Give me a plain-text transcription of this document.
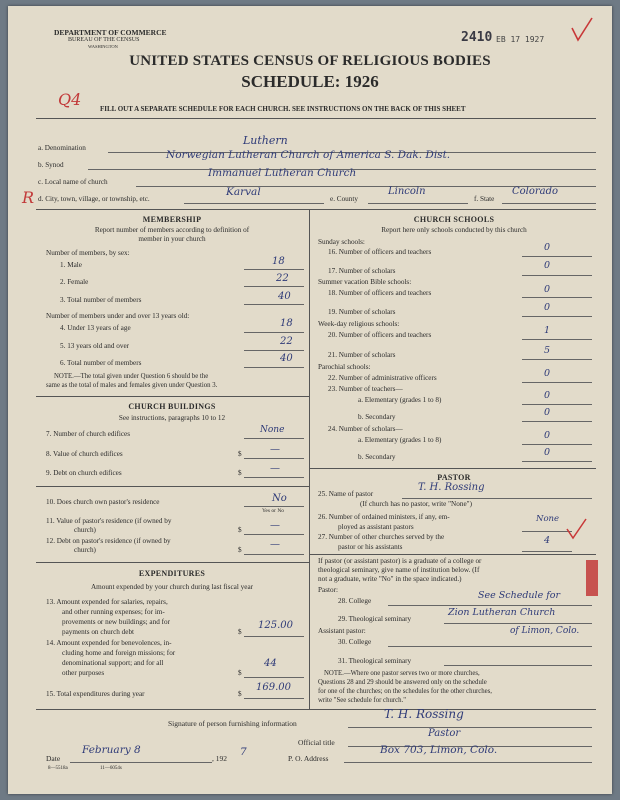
DEPARTMENT OF COMMERCE
BUREAU OF THE CENSUS
WASHINGTON
2410 EB 17 1927
UNITED STATES CENSUS OF RELIGIOUS BODIES
SCHEDULE: 1926
Q4	FILL OUT A SEPARATE SCHEDULE FOR EACH CHURCH. SEE INSTRUCTIONS ON THE BACK OF THIS SHEET
a. Denomination
Luthern
b. Synod
Norwegian Lutheran Church of America S. Dak. Dist.
c. Local name of church
Immanuel Lutheran Church
R d. City, town, village, or township, etc.
Karval
e. County
Lincoln
f. State
Colorado
MEMBERSHIP
Report number of members according to definition of
member in your church
Number of members, by sex:
1. Male	18
2. Female	22
3. Total number of members	40
Number of members under and over 13 years old:
4. Under 13 years of age	18
5. 13 years old and over	22
6. Total number of members	40
NOTE.—The total given under Question 6 should be the
same as the total of males and females given under Question 3.
CHURCH BUILDINGS
See instructions, paragraphs 10 to 12
7. Number of church edifices	None
8. Value of church edifices	$	—
9. Debt on church edifices	$	—
10. Does church own pastor's residence	No
Yes or No
11. Value of pastor's residence (if owned by
church)	$	—
12. Debt on pastor's residence (if owned by
church)	$	—
EXPENDITURES
Amount expended by your church during last fiscal year
13. Amount expended for salaries, repairs,
and other running expenses; for im-
provements or new buildings; and for
payments on church debt	$
125.00
14. Amount expended for benevolences, in-
cluding home and foreign missions; for
denominational support; and for all
other purposes	$
44
15. Total expenditures during year	$
169.00
CHURCH SCHOOLS
Report here only schools conducted by this church
Sunday schools:
16. Number of officers and teachers	0
17. Number of scholars	0
Summer vacation Bible schools:
18. Number of officers and teachers	0
19. Number of scholars	0
Week-day religious schools:
20. Number of officers and teachers	1
21. Number of scholars	5
Parochial schools:
22. Number of administrative officers	0
23. Number of teachers—
a. Elementary (grades 1 to 8)	0
b. Secondary	0
24. Number of scholars—
a. Elementary (grades 1 to 8)	0
b. Secondary	0
PASTOR
25. Name of pastor
T. H. Rossing
(If church has no pastor, write "None")
26. Number of ordained ministers, if any, em-
ployed as assistant pastors
None
27. Number of other churches served by the
pastor or his assistants
4
If pastor (or assistant pastor) is a graduate of a college or
theological seminary, give name of institution below. (If
not a graduate, write "No" in the space indicated.)
Pastor:
28. College	See Schedule for
29. Theological seminary
Zion Lutheran Church
Assistant pastor:
30. College
of Limon, Colo.
31. Theological seminary
NOTE.—Where one pastor serves two or more churches,
Questions 28 and 29 should be answered only on the schedule
for one of the churches; on the schedules for the other churches,
write "See schedule for church."
Signature of person furnishing information
T. H. Rossing
Official title
Pastor
Date
February 8
, 192
7
P. O. Address
Box 703, Limon, Colo.
8—5518a	11—6054s
